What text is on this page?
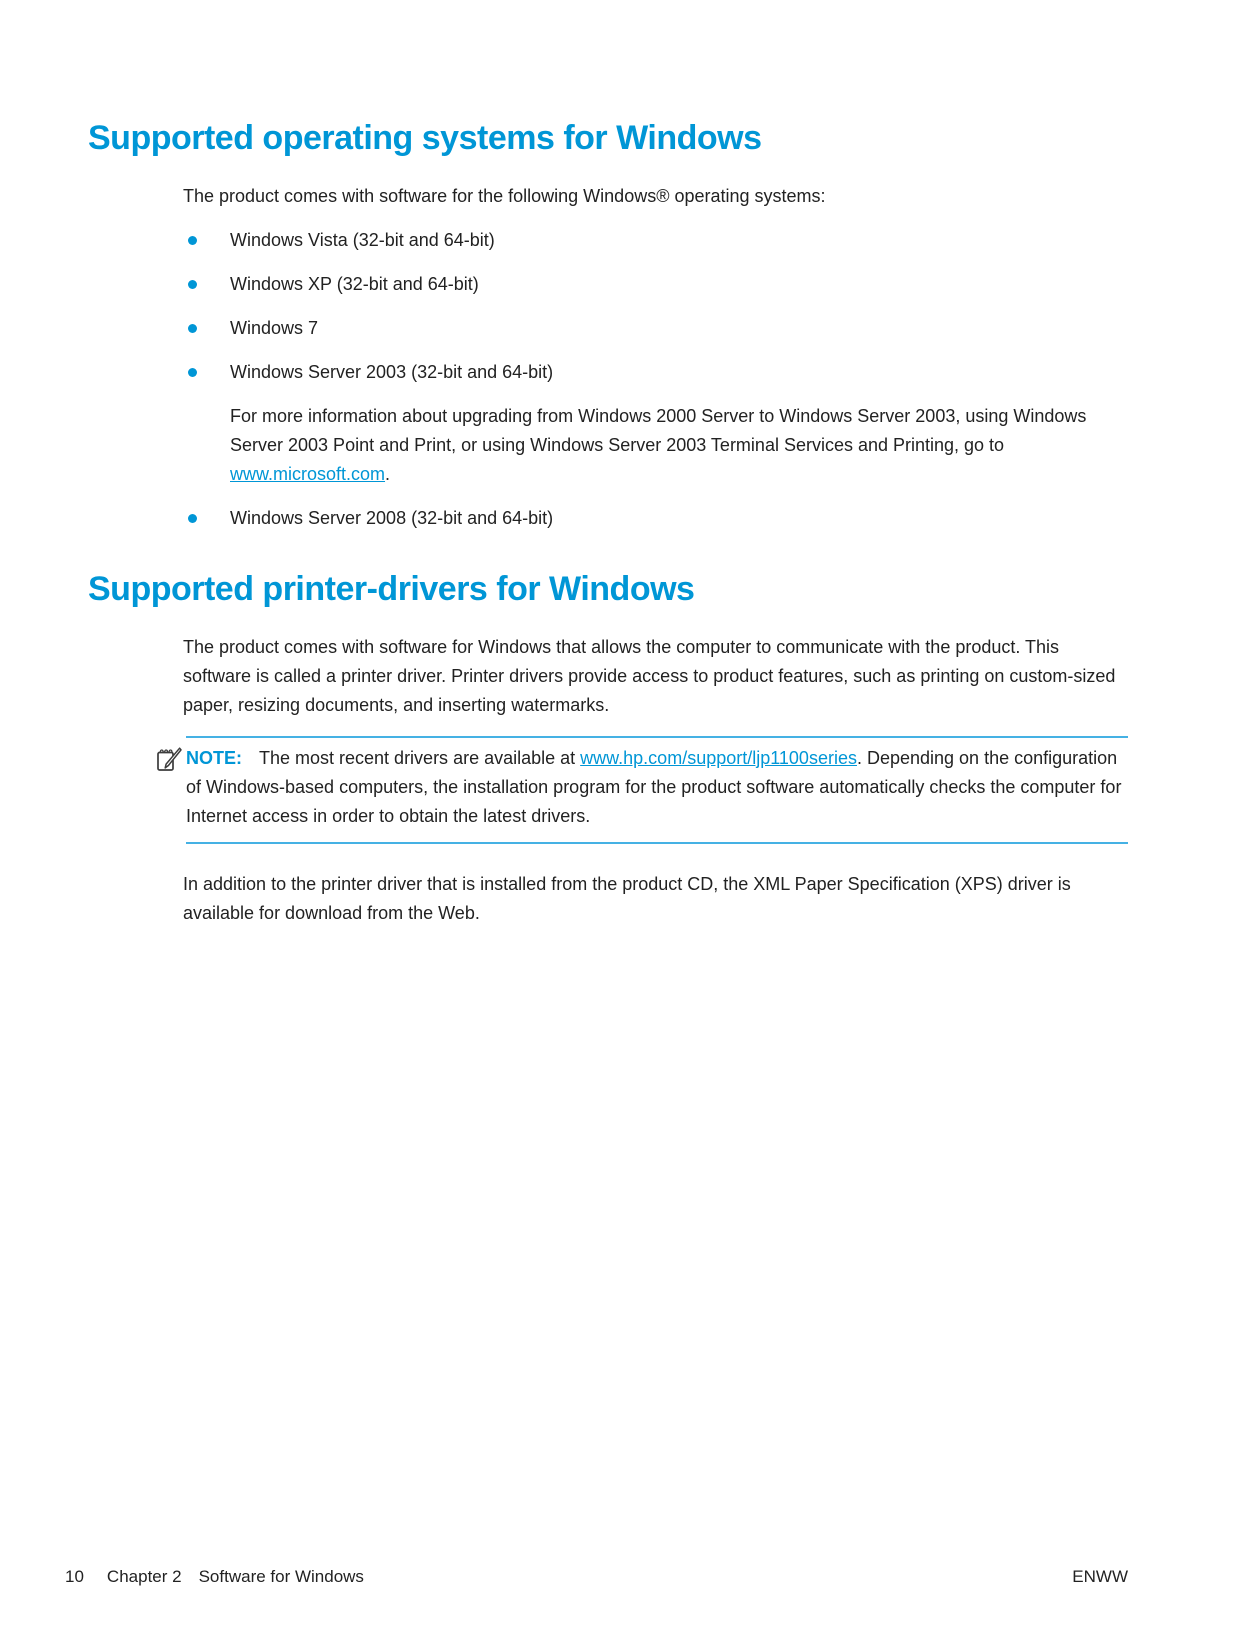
Supported operating systems for Windows

The product comes with software for the following Windows® operating systems:

Windows Vista (32-bit and 64-bit)
Windows XP (32-bit and 64-bit)
Windows 7
Windows Server 2003 (32-bit and 64-bit)

For more information about upgrading from Windows 2000 Server to Windows Server 2003, using Windows Server 2003 Point and Print, or using Windows Server 2003 Terminal Services and Printing, go to www.microsoft.com.

Windows Server 2008 (32-bit and 64-bit)
Supported printer-drivers for Windows

The product comes with software for Windows that allows the computer to communicate with the product. This software is called a printer driver. Printer drivers provide access to product features, such as printing on custom-sized paper, resizing documents, and inserting watermarks.

NOTE: The most recent drivers are available at www.hp.com/support/ljp1100series. Depending on the configuration of Windows-based computers, the installation program for the product software automatically checks the computer for Internet access in order to obtain the latest drivers.

In addition to the printer driver that is installed from the product CD, the XML Paper Specification (XPS) driver is available for download from the Web.

10 Chapter 2 Software for Windows	ENWW
